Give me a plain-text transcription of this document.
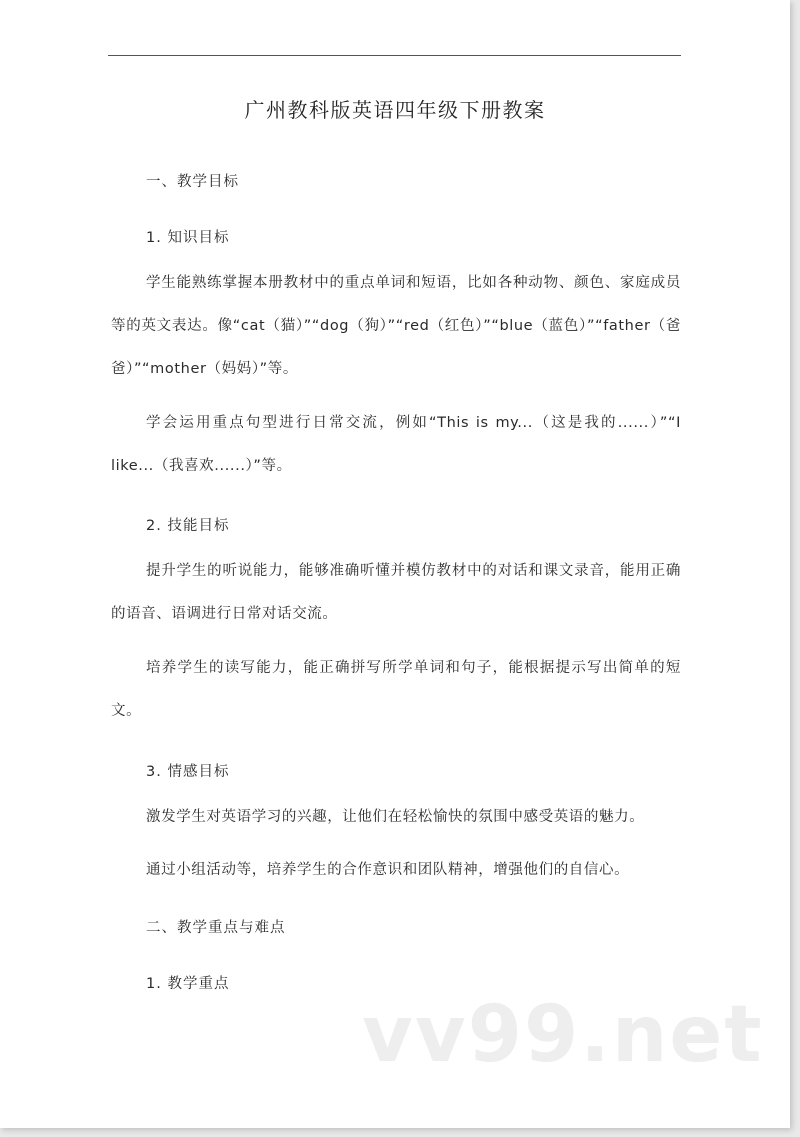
广州教科版英语四年级下册教案
一、教学目标
1. 知识目标
学生能熟练掌握本册教材中的重点单词和短语，比如各种动物、颜色、家庭成员等的英文表达。像“cat（猫）”“dog（狗）”“red（红色）”“blue（蓝色）”“father（爸爸）”“mother（妈妈）”等。
学会运用重点句型进行日常交流，例如“This is my...（这是我的......）”“I like...（我喜欢......）”等。
2. 技能目标
提升学生的听说能力，能够准确听懂并模仿教材中的对话和课文录音，能用正确的语音、语调进行日常对话交流。
培养学生的读写能力，能正确拼写所学单词和句子，能根据提示写出简单的短文。
3. 情感目标
激发学生对英语学习的兴趣，让他们在轻松愉快的氛围中感受英语的魅力。
通过小组活动等，培养学生的合作意识和团队精神，增强他们的自信心。
二、教学重点与难点
1. 教学重点
vv99.net
